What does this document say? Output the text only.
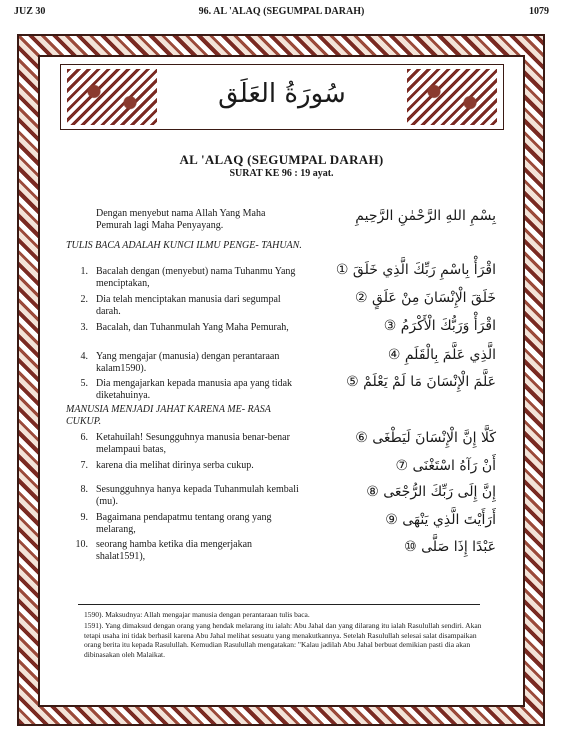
JUZ 30	96. AL 'ALAQ (SEGUMPAL DARAH)	1079
سُورَةُ العَلَق
AL 'ALAQ (SEGUMPAL DARAH)
SURAT KE 96 : 19 ayat.
Dengan menyebut nama Allah Yang Maha Pemurah lagi Maha Penyayang.
بِسْمِ اللهِ الرَّحْمٰنِ الرَّحِيمِ
TULIS BACA ADALAH KUNCI ILMU PENGE- TAHUAN.
1. Bacalah dengan (menyebut) nama Tuhanmu Yang menciptakan,
اقْرَأْ بِاسْمِ رَبِّكَ الَّذِي خَلَقَ ①
2. Dia telah menciptakan manusia dari segumpal darah.
خَلَقَ الْإِنْسَانَ مِنْ عَلَقٍ ②
3. Bacalah, dan Tuhanmulah Yang Maha Pemurah,	اقْرَأْ وَرَبُّكَ الْأَكْرَمُ ③
4. Yang mengajar (manusia) dengan perantaraan kalam1590).
الَّذِي عَلَّمَ بِالْقَلَمِ ④
5. Dia mengajarkan kepada manusia apa yang tidak diketahuinya.
عَلَّمَ الْإِنْسَانَ مَا لَمْ يَعْلَمْ ⑤
MANUSIA MENJADI JAHAT KARENA ME- RASA CUKUP.
6. Ketahuilah! Sesungguhnya manusia benar-benar melampaui batas,
كَلَّا إِنَّ الْإِنْسَانَ لَيَطْغَى ⑥
7. karena dia melihat dirinya serba cukup.	أَنْ رَآهُ اسْتَغْنَى ⑦
8. Sesungguhnya hanya kepada Tuhanmulah kembali (mu).
إِنَّ إِلَى رَبِّكَ الرُّجْعَى ⑧
9. Bagaimana pendapatmu tentang orang yang melarang,
أَرَأَيْتَ الَّذِي يَنْهَى ⑨
10. seorang hamba ketika dia mengerjakan shalat1591),
عَبْدًا إِذَا صَلَّى ⑩
1590). Maksudnya: Allah mengajar manusia dengan perantaraan tulis baca.
1591). Yang dimaksud dengan orang yang hendak melarang itu ialah: Abu Jahal dan yang dilarang itu ialah Rasulullah sendiri. Akan tetapi usaha ini tidak berhasil karena Abu Jahal melihat sesuatu yang menakutkannya. Setelah Rasulullah selesai salat disampaikan orang berita itu kepada Rasulullah. Kemudian Rasulullah mengatakan: "Kalau jadilah Abu Jahal berbuat demikian pasti dia akan dibinasakan oleh Malaikat.
